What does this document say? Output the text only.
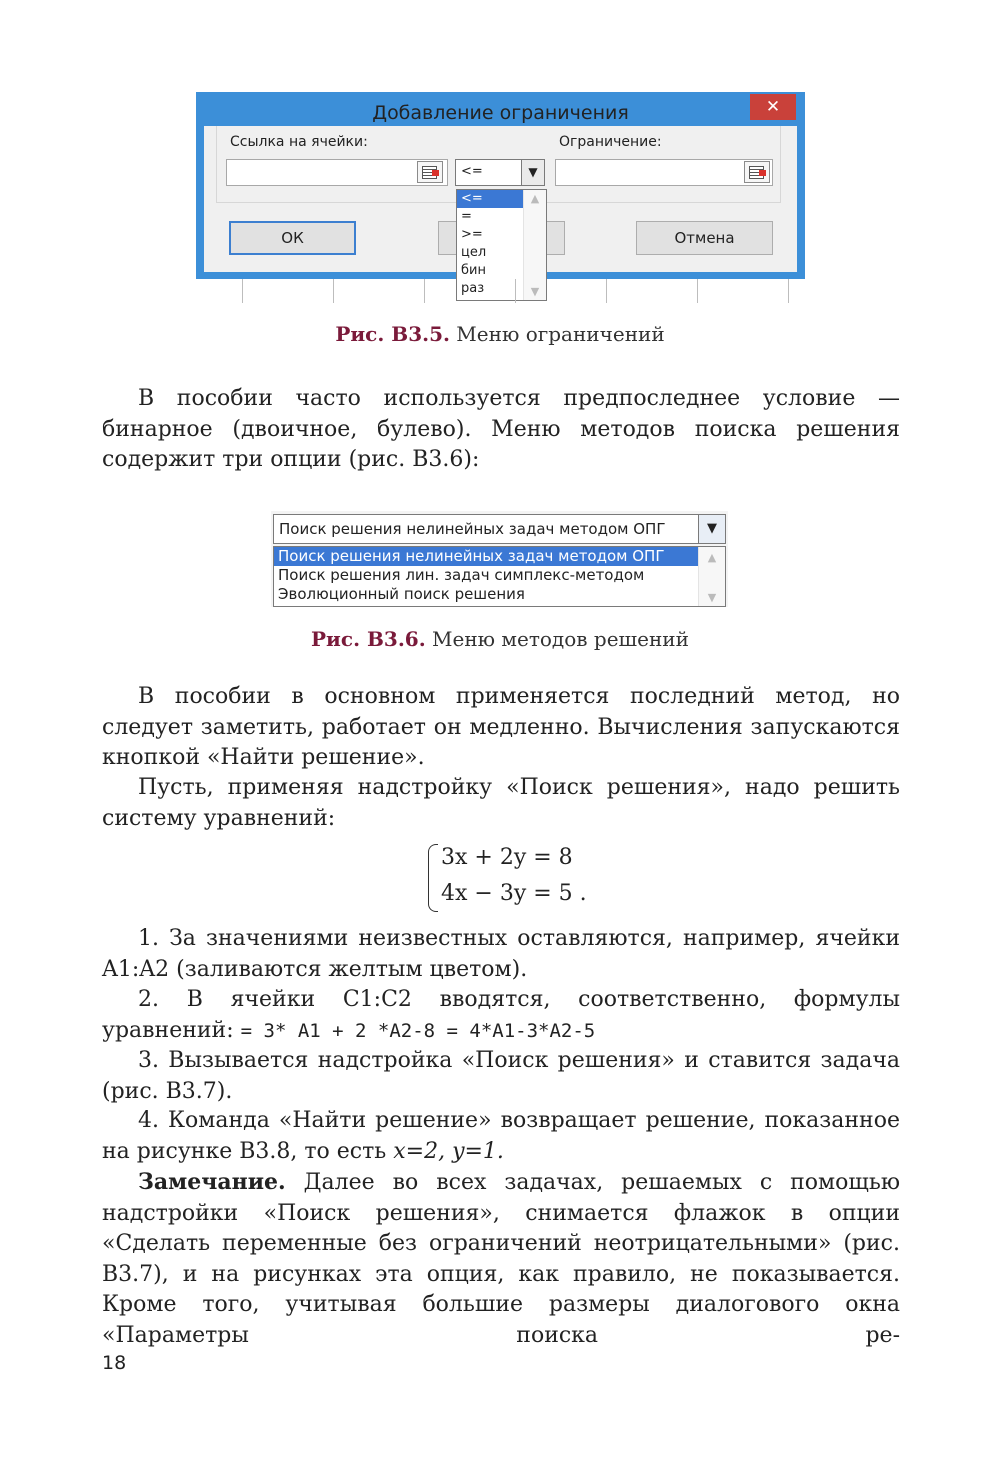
Добавление ограничения	✕
Ссылка на ячейки:	Ограничение:
ОК	Отмена
<=	▼
<=
=
>=
цел
бин
раз
▲
▼
Рис. В3.5. Меню ограничений
В пособии часто используется предпоследнее условие — бинарное (двоичное, булево). Меню методов поиска решения содержит три опции (рис. В3.6):
Поиск решения нелинейных задач методом ОПГ	▼
Поиск решения нелинейных задач методом ОПГ
Поиск решения лин. задач симплекс-методом
Эволюционный поиск решения
▲
▼
Рис. В3.6. Меню методов решений
В пособии в основном применяется последний метод, но следует заметить, работает он медленно. Вычисления запускаются кнопкой «Найти решение».
Пусть, применяя надстройку «Поиск решения», надо решить систему уравнений:
3x + 2y = 8
4x − 3y = 5 .
1. За значениями неизвестных оставляются, например, ячейки A1:A2 (заливаются желтым цветом).
2. В ячейки C1:C2 вводятся, соответственно, формулы уравнений: = 3* A1 + 2 *A2-8 = 4*A1-3*A2-5
3. Вызывается надстройка «Поиск решения» и ставится задача (рис. В3.7).
4. Команда «Найти решение» возвращает решение, показанное на рисунке В3.8, то есть x=2, y=1.
Замечание. Далее во всех задачах, решаемых с помощью надстройки «Поиск решения», снимается флажок в опции «Сделать переменные без ограничений неотрицательными» (рис. В3.7), и на рисунках эта опция, как правило, не показывается. Кроме того, учитывая большие размеры диалогового окна «Параметры поиска ре-
18
